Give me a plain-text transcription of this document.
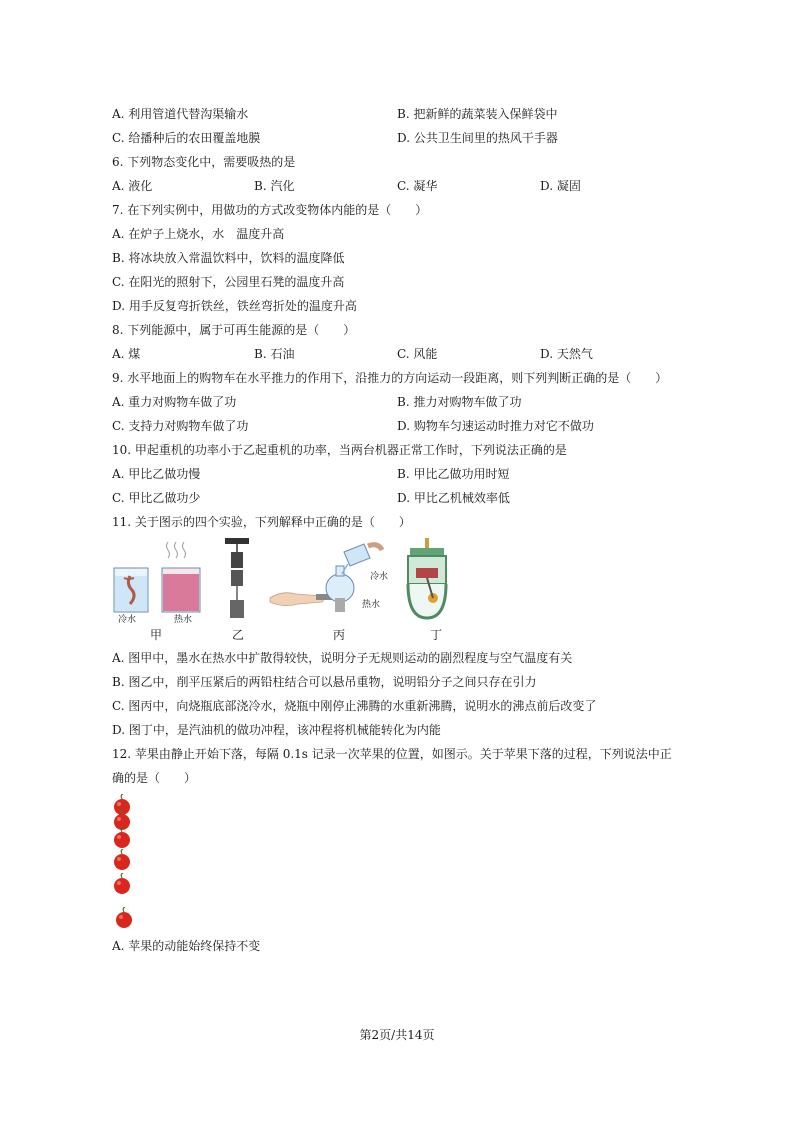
A. 利用管道代替沟渠输水	B. 把新鲜的蔬菜装入保鲜袋中
C. 给播种后的农田覆盖地膜	D. 公共卫生间里的热风干手器
6. 下列物态变化中，需要吸热的是
A. 液化	B. 汽化	C. 凝华	D. 凝固
7. 在下列实例中，用做功的方式改变物体内能的是（　　）
A. 在炉子上烧水，水　温度升高
B. 将冰块放入常温饮料中，饮料的温度降低
C. 在阳光的照射下，公园里石凳的温度升高
D. 用手反复弯折铁丝，铁丝弯折处的温度升高
8. 下列能源中，属于可再生能源的是（　　）
A. 煤	B. 石油	C. 风能	D. 天然气
9. 水平地面上的购物车在水平推力的作用下，沿推力的方向运动一段距离，则下列判断正确的是（　　）
A. 重力对购物车做了功	B. 推力对购物车做了功
C. 支持力对购物车做了功	D. 购物车匀速运动时推力对它不做功
10. 甲起重机的功率小于乙起重机的功率，当两台机器正常工作时，下列说法正确的是
A. 甲比乙做功慢	B. 甲比乙做功用时短
C. 甲比乙做功少	D. 甲比乙机械效率低
11. 关于图示的四个实验，下列解释中正确的是（　　）
冷水	热水
甲	乙
冷水
热水
丙	丁
A. 图甲中，墨水在热水中扩散得较快，说明分子无规则运动的剧烈程度与空气温度有关
B. 图乙中，削平压紧后的两铅柱结合可以悬吊重物，说明铅分子之间只存在引力
C. 图丙中，向烧瓶底部浇冷水，烧瓶中刚停止沸腾的水重新沸腾，说明水的沸点前后改变了
D. 图丁中，是汽油机的做功冲程，该冲程将机械能转化为内能
12. 苹果由静止开始下落，每隔 0.1s 记录一次苹果的位置，如图示。关于苹果下落的过程，下列说法中正
确的是（　　）
A. 苹果的动能始终保持不变
第2页/共14页
